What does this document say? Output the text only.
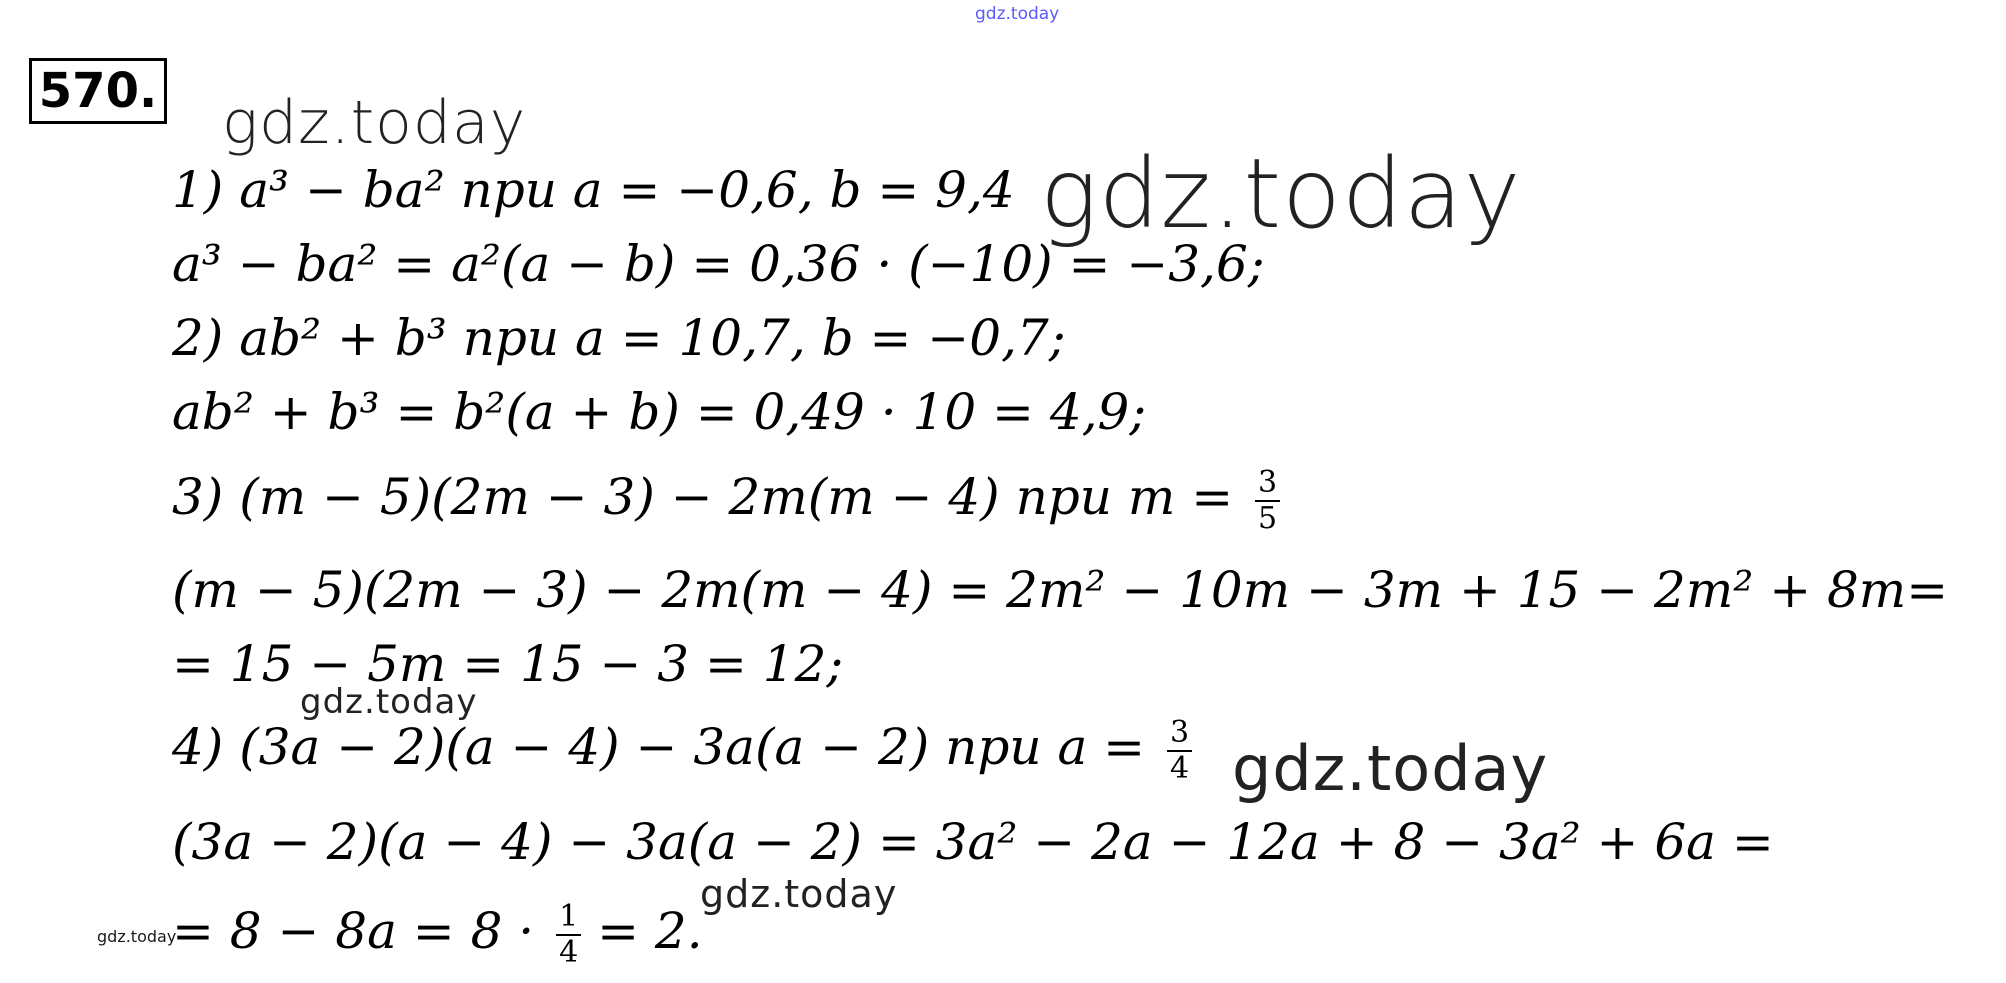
gdz.today
gdz.today
gdz.today
gdz.today
gdz.today
gdz.today
gdz.today
570.
1) a³ − ba² при a = −0,6, b = 9,4
a³ − ba² = a²(a − b) = 0,36 · (−10) = −3,6;
2) ab² + b³ при a = 10,7, b = −0,7;
ab² + b³ = b²(a + b) = 0,49 · 10 = 4,9;
3) (m − 5)(2m − 3) − 2m(m − 4) при $m = \frac{3}{5}$
(m − 5)(2m − 3) − 2m(m − 4) = 2m² − 10m − 3m + 15 − 2m² + 8m=
= 15 − 5m = 15 − 3 = 12;
4) (3a − 2)(a − 4) − 3a(a − 2) при $a = \frac{3}{4}$
(3a − 2)(a − 4) − 3a(a − 2) = 3a² − 2a − 12a + 8 − 3a² + 6a =
= $8 - 8a = 8 \cdot \frac{1}{4} = 2$.
